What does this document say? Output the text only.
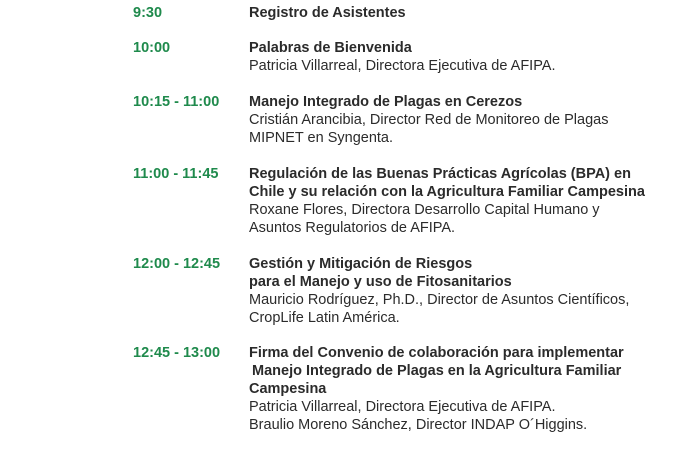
9:30	Registro de Asistentes
10:00	Palabras de Bienvenida
Patricia Villarreal, Directora Ejecutiva de AFIPA.
10:15 - 11:00 Manejo Integrado de Plagas en Cerezos
Cristián Arancibia, Director Red de Monitoreo de Plagas
MIPNET en Syngenta.
11:00 - 11:45 Regulación de las Buenas Prácticas Agrícolas (BPA) en
Chile y su relación con la Agricultura Familiar Campesina
Roxane Flores, Directora Desarrollo Capital Humano y
Asuntos Regulatorios de AFIPA.
12:00 - 12:45 Gestión y Mitigación de Riesgos
para el Manejo y uso de Fitosanitarios
Mauricio Rodríguez, Ph.D., Director de Asuntos Científicos,
CropLife Latin América.
12:45 - 13:00 Firma del Convenio de colaboración para implementar
Manejo Integrado de Plagas en la Agricultura Familiar
Campesina
Patricia Villarreal, Directora Ejecutiva de AFIPA.
Braulio Moreno Sánchez, Director INDAP O´Higgins.
